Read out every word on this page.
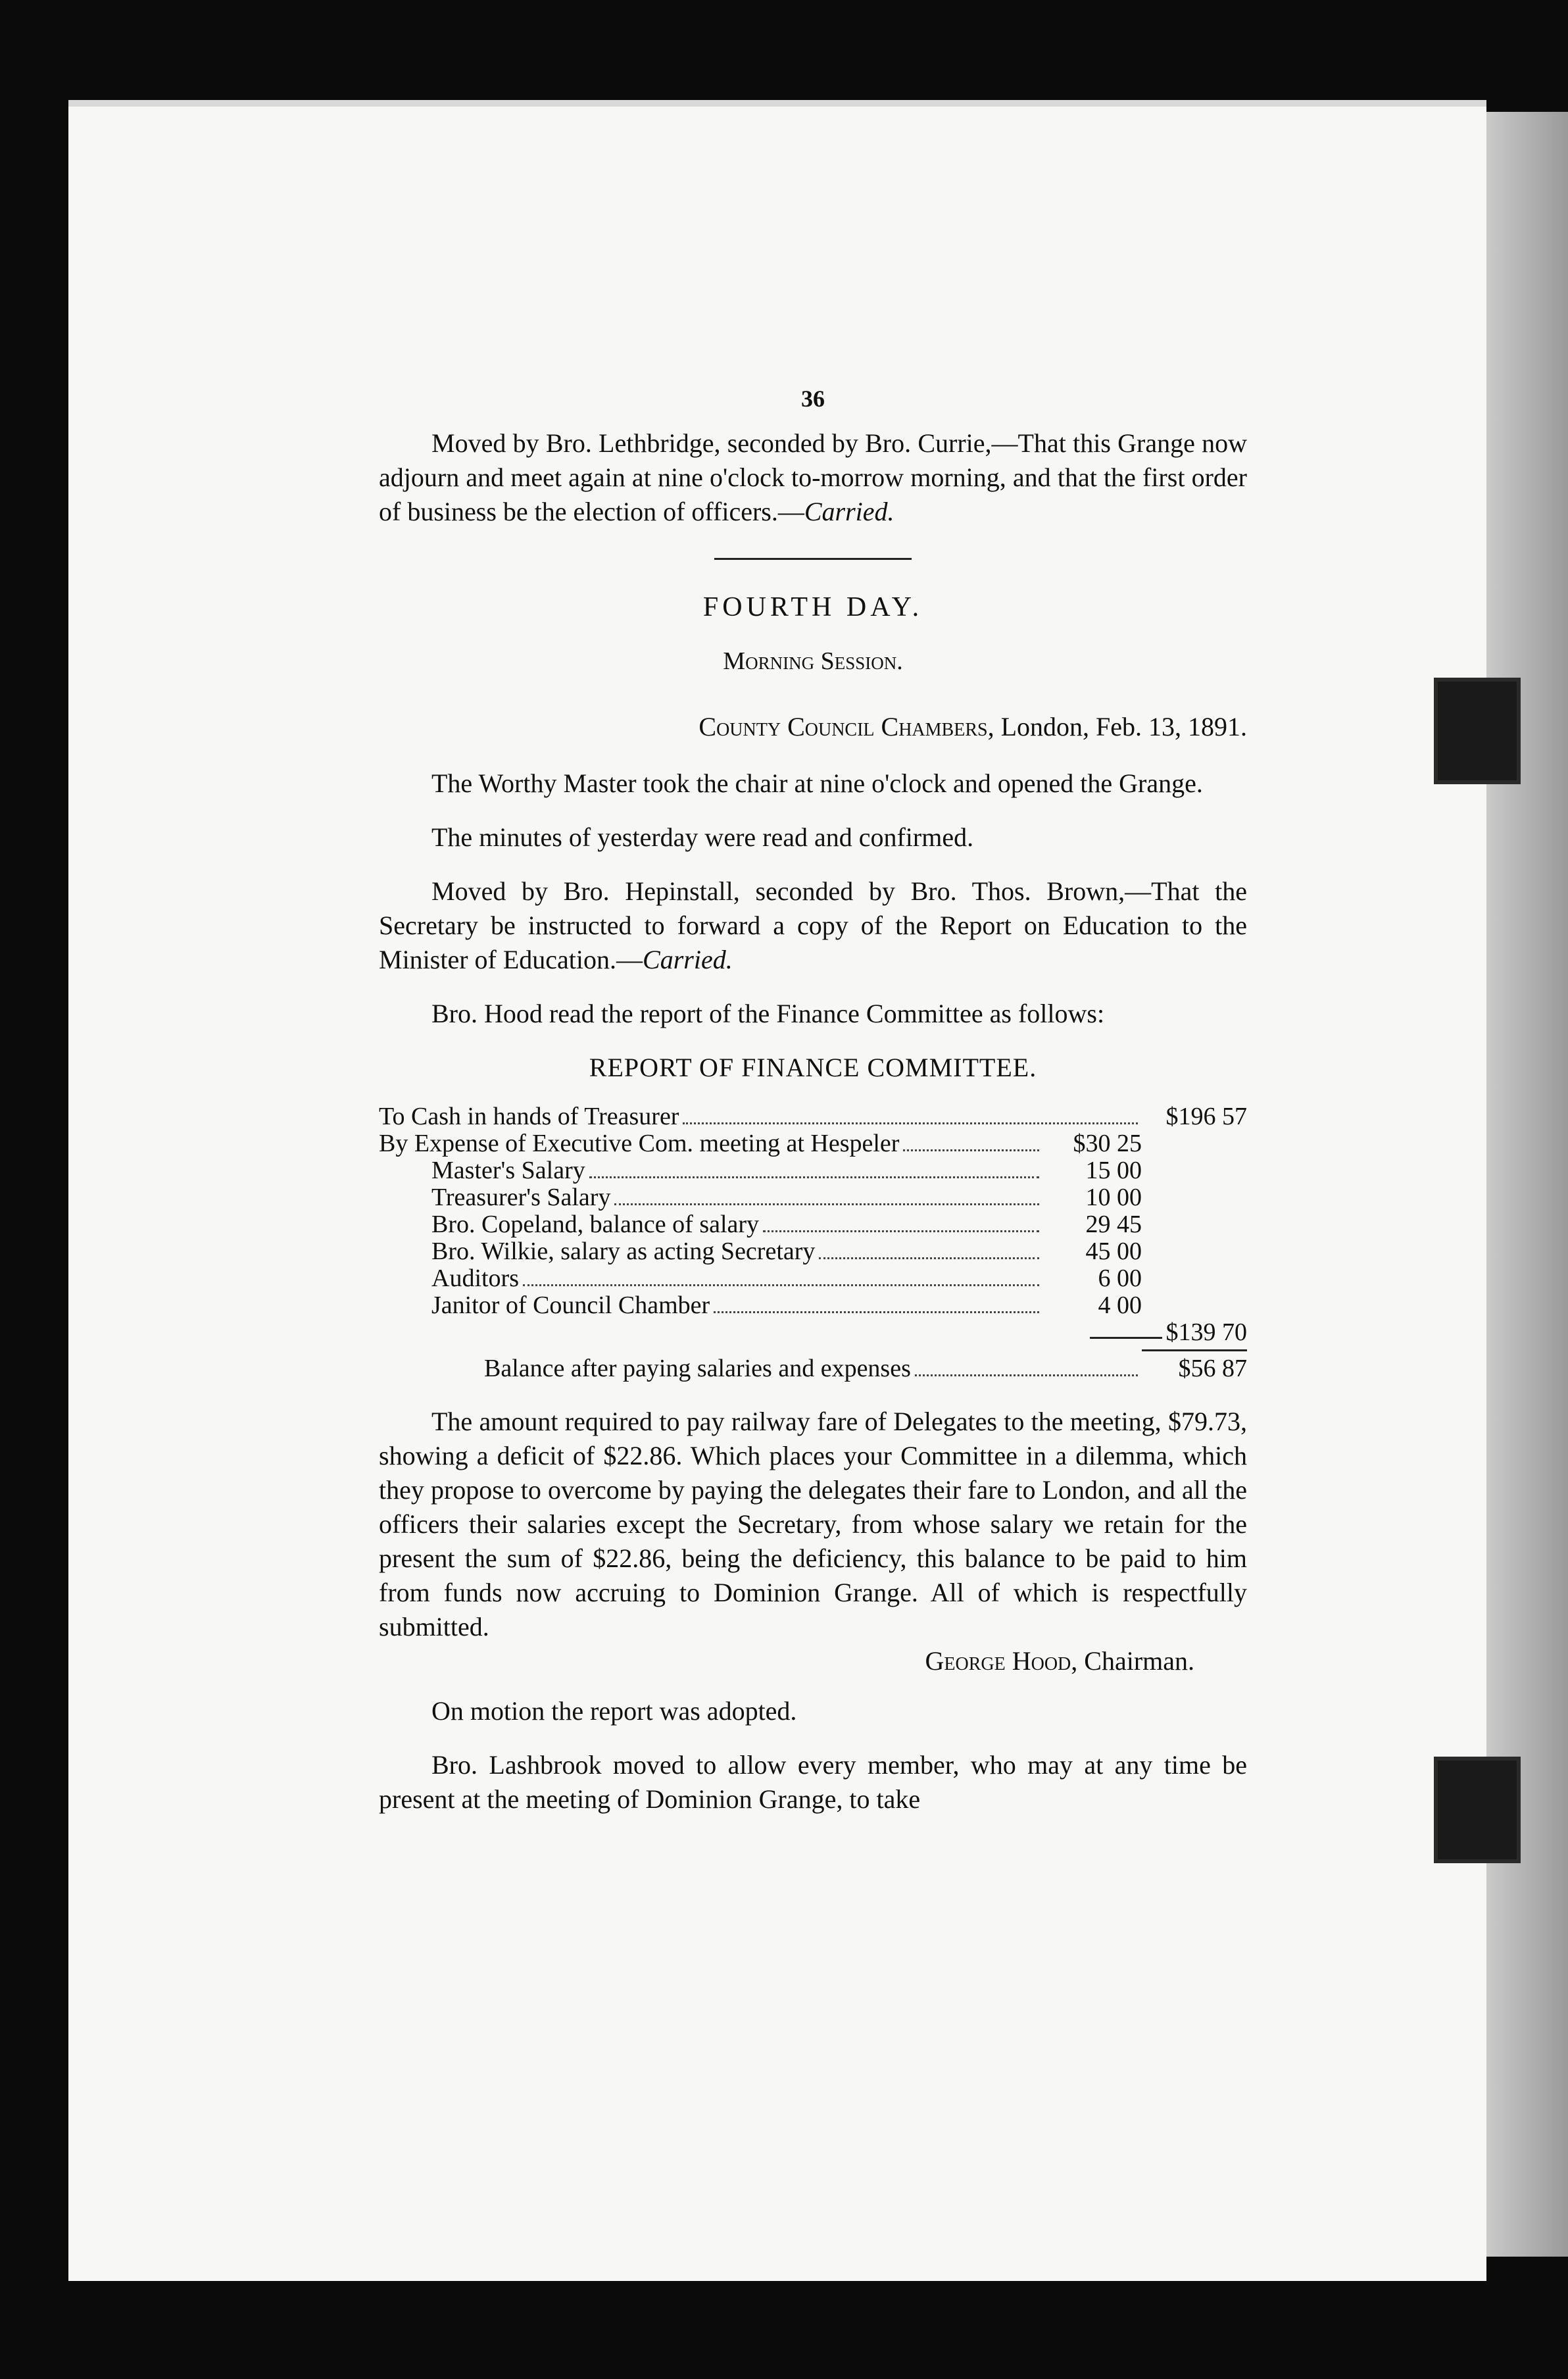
36

Moved by Bro. Lethbridge, seconded by Bro. Currie,—That this Grange now adjourn and meet again at nine o'clock to-morrow morning, and that the first order of business be the election of officers.—Carried.

FOURTH DAY.
Morning Session.
County Council Chambers, London, Feb. 13, 1891.

The Worthy Master took the chair at nine o'clock and opened the Grange.

The minutes of yesterday were read and confirmed.

Moved by Bro. Hepinstall, seconded by Bro. Thos. Brown,—That the Secretary be instructed to forward a copy of the Report on Education to the Minister of Education.—Carried.

Bro. Hood read the report of the Finance Committee as follows:

REPORT OF FINANCE COMMITTEE.
To Cash in hands of Treasurer	$196 57
By Expense of Executive Com. meeting at Hespeler	$30 25
Master's Salary	15 00
Treasurer's Salary	10 00
Bro. Copeland, balance of salary	29 45
Bro. Wilkie, salary as acting Secretary	45 00
Auditors	6 00
Janitor of Council Chamber	4 00
$139 70
Balance after paying salaries and expenses	$56 87

The amount required to pay railway fare of Delegates to the meeting, $79.73, showing a deficit of $22.86. Which places your Committee in a dilemma, which they propose to overcome by paying the delegates their fare to London, and all the officers their salaries except the Secretary, from whose salary we retain for the present the sum of $22.86, being the deficiency, this balance to be paid to him from funds now accruing to Dominion Grange. All of which is respectfully submitted.

George Hood, Chairman.

On motion the report was adopted.

Bro. Lashbrook moved to allow every member, who may at any time be present at the meeting of Dominion Grange, to take
